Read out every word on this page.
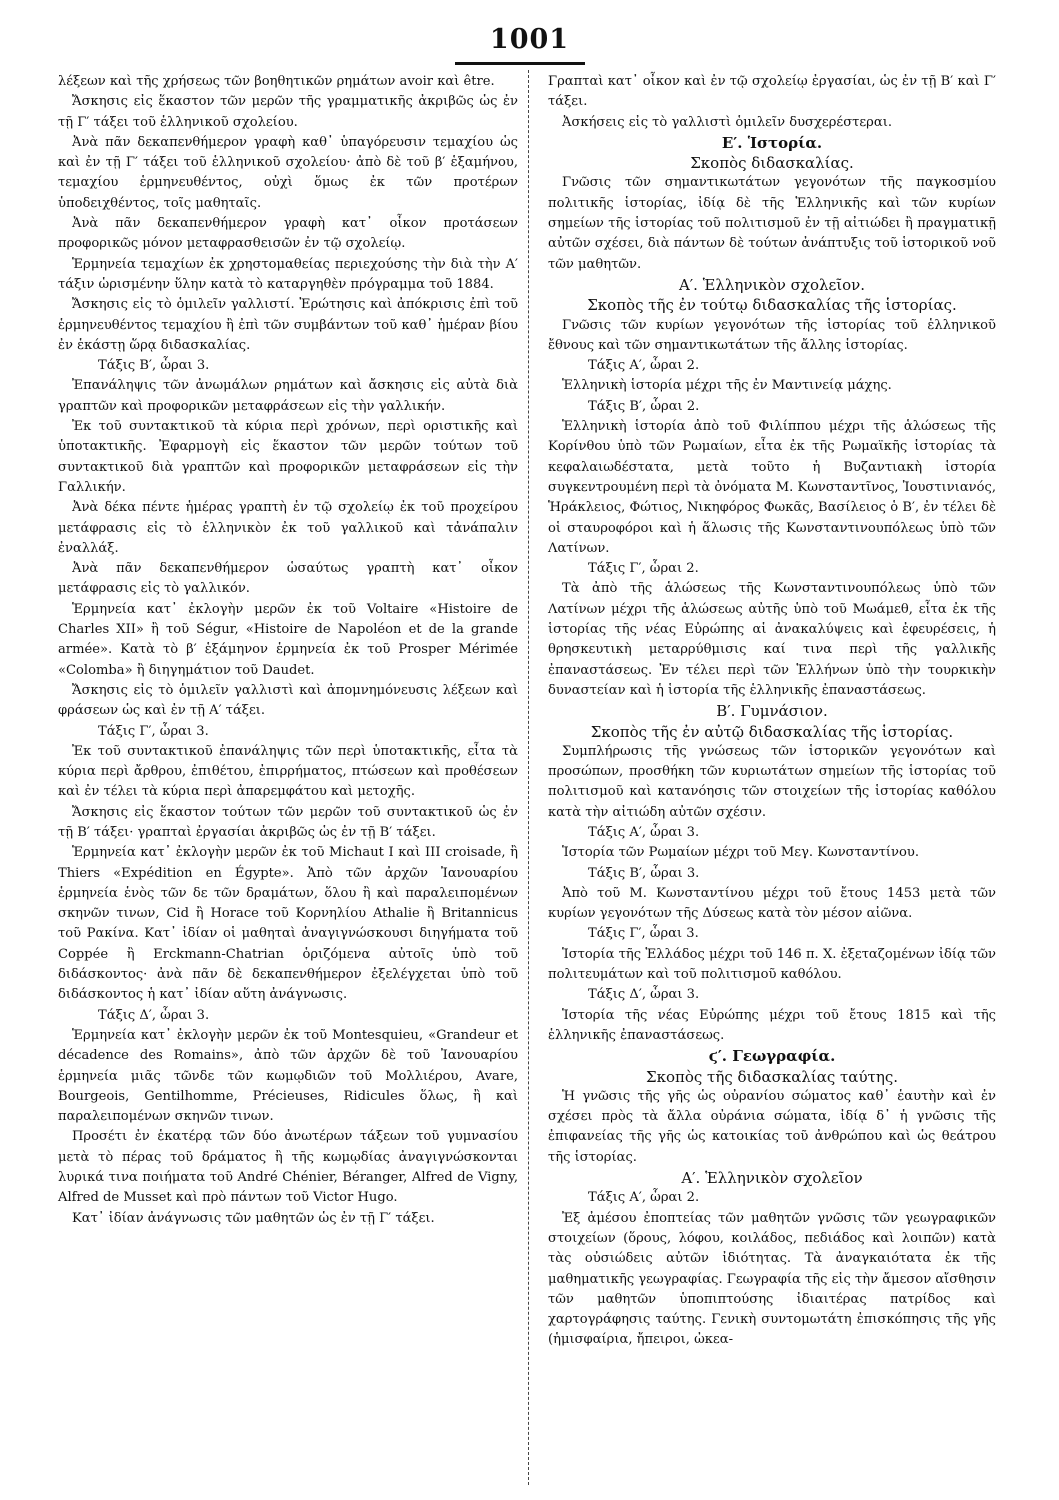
1001

λέξεων καὶ τῆς χρήσεως τῶν βοηθητικῶν ρημάτων avoir καὶ être.

Ἄσκησις εἰς ἕκαστον τῶν μερῶν τῆς γραμματικῆς ἀκριβῶς ὡς ἐν τῇ Γ′ τάξει τοῦ ἑλληνικοῦ σχολείου.

Ἀνὰ πᾶν δεκαπενθήμερον γραφὴ καθ᾿ ὑπαγόρευσιν τεμαχίου ὡς καὶ ἐν τῇ Γ′ τάξει τοῦ ἑλληνικοῦ σχολείου· ἀπὸ δὲ τοῦ β′ ἑξαμήνου, τεμαχίου ἑρμηνευθέντος, οὐχὶ ὅμως ἐκ τῶν προτέρων ὑποδειχθέντος, τοῖς μαθηταῖς.

Ἀνὰ πᾶν δεκαπενθήμερον γραφὴ κατ᾿ οἶκον προτάσεων προφορικῶς μόνον μεταφρασθεισῶν ἐν τῷ σχολείῳ.

Ἑρμηνεία τεμαχίων ἐκ χρηστομαθείας περιεχούσης τὴν διὰ τὴν Α′ τάξιν ὡρισμένην ὕλην κατὰ τὸ καταργηθὲν πρόγραμμα τοῦ 1884.

Ἄσκησις εἰς τὸ ὁμιλεῖν γαλλιστί. Ἐρώτησις καὶ ἀπόκρισις ἐπὶ τοῦ ἑρμηνευθέντος τεμαχίου ἢ ἐπὶ τῶν συμβάντων τοῦ καθ᾿ ἡμέραν βίου ἐν ἑκάστῃ ὥρᾳ διδασκαλίας.

Τάξις Β′, ὧραι 3.

Ἐπανάληψις τῶν ἀνωμάλων ρημάτων καὶ ἄσκησις εἰς αὐτὰ διὰ γραπτῶν καὶ προφορικῶν μεταφράσεων εἰς τὴν γαλλικήν.

Ἐκ τοῦ συντακτικοῦ τὰ κύρια περὶ χρόνων, περὶ οριστικῆς καὶ ὑποτακτικῆς. Ἐφαρμογὴ εἰς ἕκαστον τῶν μερῶν τούτων τοῦ συντακτικοῦ διὰ γραπτῶν καὶ προφορικῶν μεταφράσεων εἰς τὴν Γαλλικήν.

Ἀνὰ δέκα πέντε ἡμέρας γραπτὴ ἐν τῷ σχολείῳ ἐκ τοῦ προχείρου μετάφρασις εἰς τὸ ἑλληνικὸν ἐκ τοῦ γαλλικοῦ καὶ τἀνάπαλιν ἐναλλάξ.

Ἀνὰ πᾶν δεκαπενθήμερον ὡσαύτως γραπτὴ κατ᾿ οἶκον μετάφρασις εἰς τὸ γαλλικόν.

Ἑρμηνεία κατ᾿ ἐκλογὴν μερῶν ἐκ τοῦ Voltaire «Histoire de Charles XII» ἢ τοῦ Ségur, «Histoire de Napoléon et de la grande armée». Κατὰ τὸ β′ ἑξάμηνον ἑρμηνεία ἐκ τοῦ Prosper Mérimée «Colomba» ἢ διηγημάτιον τοῦ Daudet.

Ἄσκησις εἰς τὸ ὁμιλεῖν γαλλιστὶ καὶ ἀπομνημόνευσις λέξεων καὶ φράσεων ὡς καὶ ἐν τῇ Α′ τάξει.

Τάξις Γ′, ὧραι 3.

Ἐκ τοῦ συντακτικοῦ ἐπανάληψις τῶν περὶ ὑποτακτικῆς, εἶτα τὰ κύρια περὶ ἄρθρου, ἐπιθέτου, ἐπιρρήματος, πτώσεων καὶ προθέσεων καὶ ἐν τέλει τὰ κύρια περὶ ἀπαρεμφάτου καὶ μετοχῆς.

Ἄσκησις εἰς ἕκαστον τούτων τῶν μερῶν τοῦ συντακτικοῦ ὡς ἐν τῇ Β′ τάξει· γραπταὶ ἐργασίαι ἀκριβῶς ὡς ἐν τῇ Β′ τάξει.

Ἑρμηνεία κατ᾿ ἐκλογὴν μερῶν ἐκ τοῦ Michaut I καὶ III croisade, ἢ Thiers «Expédition en Égypte». Ἀπὸ τῶν ἀρχῶν Ἰανουαρίου ἑρμηνεία ἑνὸς τῶν δε τῶν δραμάτων, ὅλου ἢ καὶ παραλειπομένων σκηνῶν τινων, Cid ἢ Horace τοῦ Κορνηλίου Athalie ἢ Britannicus τοῦ Ρακίνα. Κατ᾿ ἰδίαν οἱ μαθηταὶ ἀναγιγνώσκουσι διηγήματα τοῦ Coppée ἢ Erckmann-Chatrian ὁριζόμενα αὐτοῖς ὑπὸ τοῦ διδάσκοντος· ἀνὰ πᾶν δὲ δεκαπενθήμερον ἐξελέγχεται ὑπὸ τοῦ διδάσκοντος ἡ κατ᾿ ἰδίαν αὕτη ἀνάγνωσις.

Τάξις Δ′, ὧραι 3.

Ἑρμηνεία κατ᾿ ἐκλογὴν μερῶν ἐκ τοῦ Montesquieu, «Grandeur et décadence des Romains», ἀπὸ τῶν ἀρχῶν δὲ τοῦ Ἰανουαρίου ἑρμηνεία μιᾶς τῶνδε τῶν κωμῳδιῶν τοῦ Μολλιέρου, Avare, Bourgeois, Gentilhomme, Précieuses, Ridicules ὅλως, ἢ καὶ παραλειπομένων σκηνῶν τινων.

Προσέτι ἐν ἑκατέρᾳ τῶν δύο ἀνωτέρων τάξεων τοῦ γυμνασίου μετὰ τὸ πέρας τοῦ δράματος ἢ τῆς κωμῳδίας ἀναγιγνώσκονται λυρικά τινα ποιήματα τοῦ André Chénier, Béranger, Alfred de Vigny, Alfred de Musset καὶ πρὸ πάντων τοῦ Victor Hugo.

Κατ᾿ ἰδίαν ἀνάγνωσις τῶν μαθητῶν ὡς ἐν τῇ Γ′ τάξει.

Γραπταὶ κατ᾿ οἶκον καὶ ἐν τῷ σχολείῳ ἐργασίαι, ὡς ἐν τῇ Β′ καὶ Γ′ τάξει.

Ἀσκήσεις εἰς τὸ γαλλιστὶ ὁμιλεῖν δυσχερέστεραι.

Ε′. Ἱστορία.
Σκοπὸς διδασκαλίας.

Γνῶσις τῶν σημαντικωτάτων γεγονότων τῆς παγκοσμίου πολιτικῆς ἱστορίας, ἰδίᾳ δὲ τῆς Ἑλληνικῆς καὶ τῶν κυρίων σημείων τῆς ἱστορίας τοῦ πολιτισμοῦ ἐν τῇ αἰτιώδει ἢ πραγματικῇ αὐτῶν σχέσει, διὰ πάντων δὲ τούτων ἀνάπτυξις τοῦ ἱστορικοῦ νοῦ τῶν μαθητῶν.

Α′. Ἑλληνικὸν σχολεῖον.
Σκοπὸς τῆς ἐν τούτῳ διδασκαλίας τῆς ἱστορίας.

Γνῶσις τῶν κυρίων γεγονότων τῆς ἱστορίας τοῦ ἑλληνικοῦ ἔθνους καὶ τῶν σημαντικωτάτων τῆς ἄλλης ἱστορίας.

Τάξις Α′, ὧραι 2.

Ἑλληνικὴ ἱστορία μέχρι τῆς ἐν Μαντινείᾳ μάχης.

Τάξις Β′, ὧραι 2.

Ἑλληνικὴ ἱστορία ἀπὸ τοῦ Φιλίππου μέχρι τῆς ἁλώσεως τῆς Κορίνθου ὑπὸ τῶν Ρωμαίων, εἶτα ἐκ τῆς Ρωμαϊκῆς ἱστορίας τὰ κεφαλαιωδέστατα, μετὰ τοῦτο ἡ Βυζαντιακὴ ἱστορία συγκεντρουμένη περὶ τὰ ὀνόματα Μ. Κωνσταντῖνος, Ἰουστινιανός, Ἡράκλειος, Φώτιος, Νικηφόρος Φωκᾶς, Βασίλειος ὁ Β′, ἐν τέλει δὲ οἱ σταυροφόροι καὶ ἡ ἅλωσις τῆς Κωνσταντινουπόλεως ὑπὸ τῶν Λατίνων.

Τάξις Γ′, ὧραι 2.

Τὰ ἀπὸ τῆς ἁλώσεως τῆς Κωνσταντινουπόλεως ὑπὸ τῶν Λατίνων μέχρι τῆς ἁλώσεως αὐτῆς ὑπὸ τοῦ Μωάμεθ, εἶτα ἐκ τῆς ἱστορίας τῆς νέας Εὐρώπης αἱ ἀνακαλύψεις καὶ ἐφευρέσεις, ἡ θρησκευτικὴ μεταρρύθμισις καί τινα περὶ τῆς γαλλικῆς ἐπαναστάσεως. Ἐν τέλει περὶ τῶν Ἑλλήνων ὑπὸ τὴν τουρκικὴν δυναστείαν καὶ ἡ ἱστορία τῆς ἑλληνικῆς ἐπαναστάσεως.

Β′. Γυμνάσιον.
Σκοπὸς τῆς ἐν αὐτῷ διδασκαλίας τῆς ἱστορίας.

Συμπλήρωσις τῆς γνώσεως τῶν ἱστορικῶν γεγονότων καὶ προσώπων, προσθήκη τῶν κυριωτάτων σημείων τῆς ἱστορίας τοῦ πολιτισμοῦ καὶ κατανόησις τῶν στοιχείων τῆς ἱστορίας καθόλου κατὰ τὴν αἰτιώδη αὐτῶν σχέσιν.

Τάξις Α′, ὧραι 3.

Ἱστορία τῶν Ρωμαίων μέχρι τοῦ Μεγ. Κωνσταντίνου.

Τάξις Β′, ὧραι 3.

Ἀπὸ τοῦ Μ. Κωνσταντίνου μέχρι τοῦ ἔτους 1453 μετὰ τῶν κυρίων γεγονότων τῆς Δύσεως κατὰ τὸν μέσον αἰῶνα.

Τάξις Γ′, ὧραι 3.

Ἱστορία τῆς Ἑλλάδος μέχρι τοῦ 146 π. Χ. ἐξεταζομένων ἰδίᾳ τῶν πολιτευμάτων καὶ τοῦ πολιτισμοῦ καθόλου.

Τάξις Δ′, ὧραι 3.

Ἱστορία τῆς νέας Εὐρώπης μέχρι τοῦ ἔτους 1815 καὶ τῆς ἑλληνικῆς ἐπαναστάσεως.

ϛ′. Γεωγραφία.
Σκοπὸς τῆς διδασκαλίας ταύτης.

Ἡ γνῶσις τῆς γῆς ὡς οὐρανίου σώματος καθ᾿ ἑαυτὴν καὶ ἐν σχέσει πρὸς τὰ ἄλλα οὐράνια σώματα, ἰδίᾳ δ᾿ ἡ γνῶσις τῆς ἐπιφανείας τῆς γῆς ὡς κατοικίας τοῦ ἀνθρώπου καὶ ὡς θεάτρου τῆς ἱστορίας.

Α′. Ἑλληνικὸν σχολεῖον

Τάξις Α′, ὧραι 2.

Ἐξ ἀμέσου ἐποπτείας τῶν μαθητῶν γνῶσις τῶν γεωγραφικῶν στοιχείων (ὅρους, λόφου, κοιλάδος, πεδιάδος καὶ λοιπῶν) κατὰ τὰς οὐσιώδεις αὐτῶν ἰδιότητας. Τὰ ἀναγκαιότατα ἐκ τῆς μαθηματικῆς γεωγραφίας. Γεωγραφία τῆς εἰς τὴν ἄμεσον αἴσθησιν τῶν μαθητῶν ὑποπιπτούσης ἰδιαιτέρας πατρίδος καὶ χαρτογράφησις ταύτης. Γενικὴ συντομωτάτη ἐπισκόπησις τῆς γῆς (ἡμισφαίρια, ἤπειροι, ὠκεα-
